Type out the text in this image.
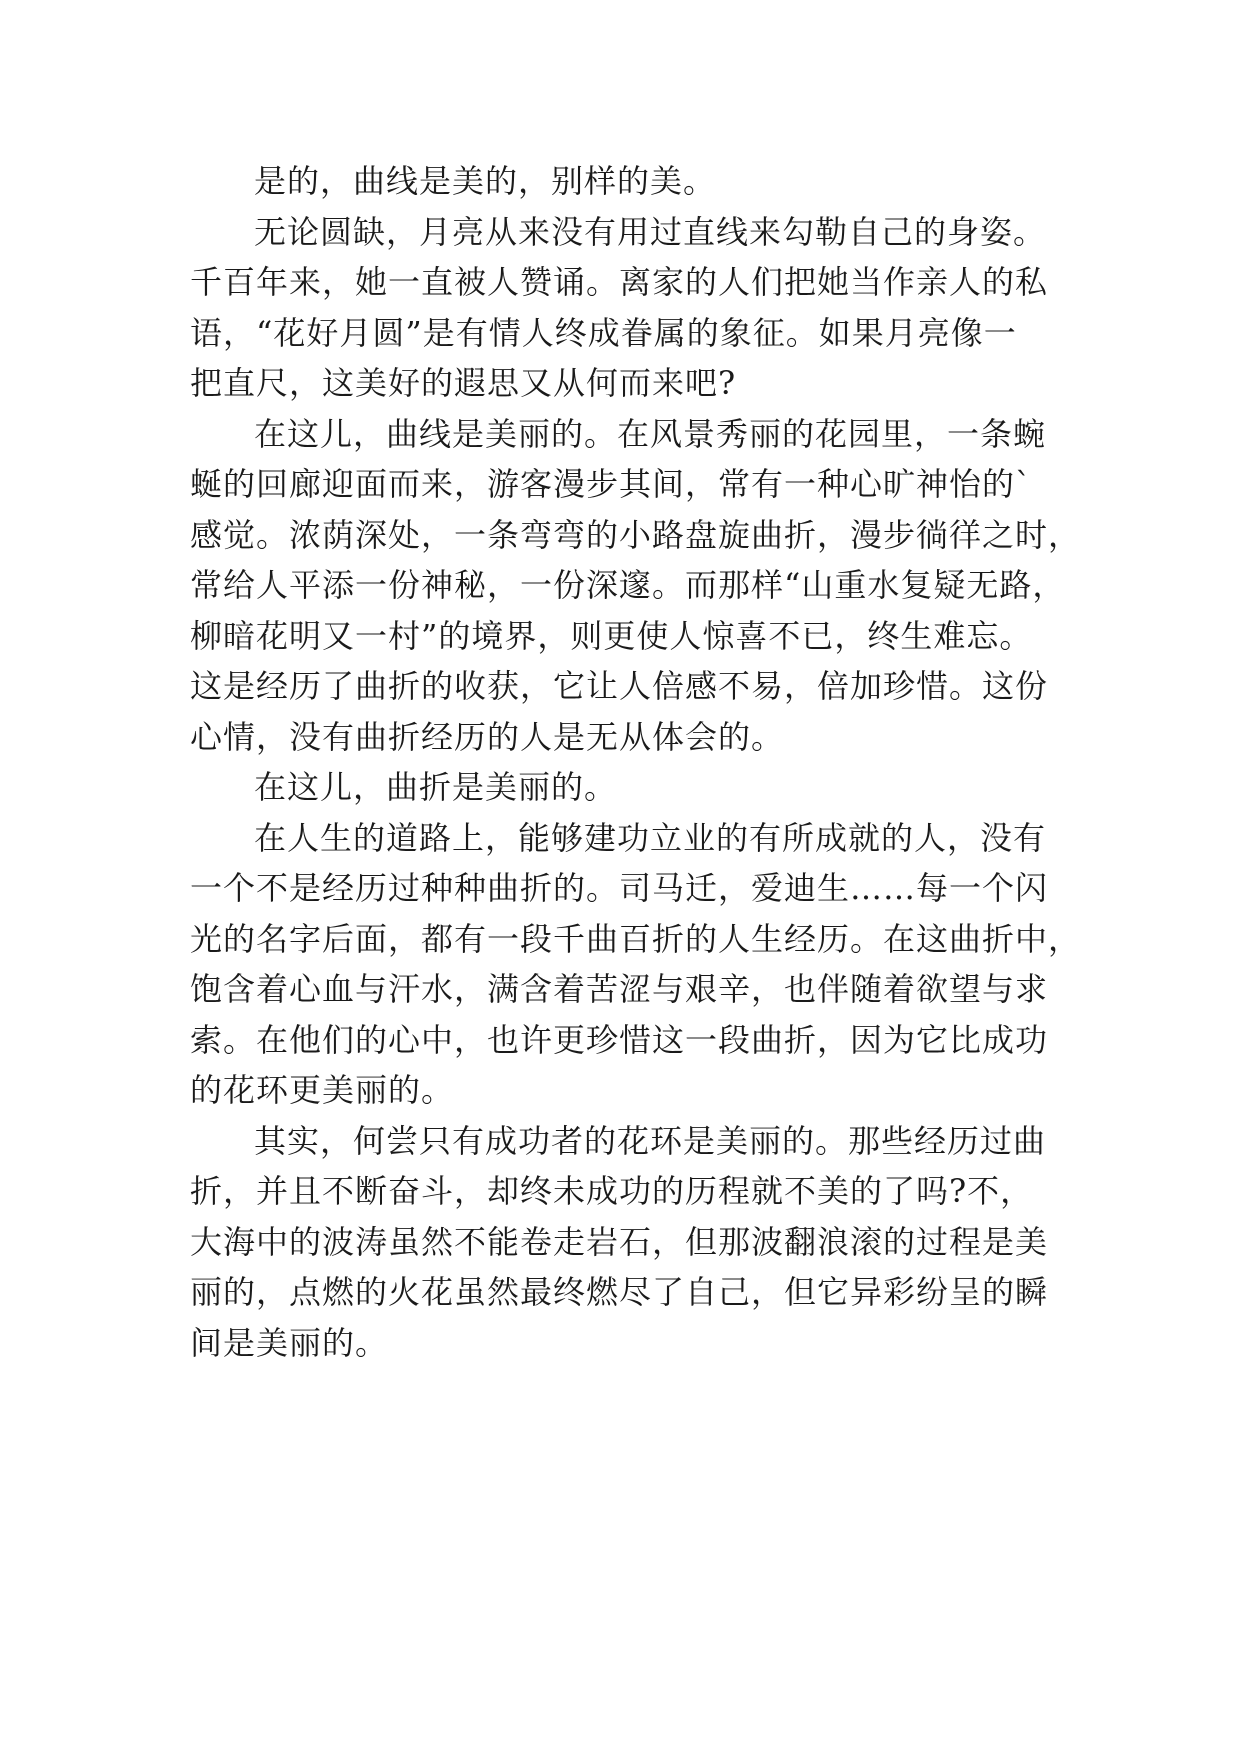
是的，曲线是美的，别样的美。
无论圆缺，月亮从来没有用过直线来勾勒自己的身姿。
千百年来，她一直被人赞诵。离家的人们把她当作亲人的私
语，“花好月圆”是有情人终成眷属的象征。如果月亮像一
把直尺，这美好的遐思又从何而来吧?
在这儿，曲线是美丽的。在风景秀丽的花园里，一条蜿
蜒的回廊迎面而来，游客漫步其间，常有一种心旷神怡的`
感觉。浓荫深处，一条弯弯的小路盘旋曲折，漫步徜徉之时，
常给人平添一份神秘，一份深邃。而那样“山重水复疑无路，
柳暗花明又一村”的境界，则更使人惊喜不已，终生难忘。
这是经历了曲折的收获，它让人倍感不易，倍加珍惜。这份
心情，没有曲折经历的人是无从体会的。
在这儿，曲折是美丽的。
在人生的道路上，能够建功立业的有所成就的人，没有
一个不是经历过种种曲折的。司马迁，爱迪生……每一个闪
光的名字后面，都有一段千曲百折的人生经历。在这曲折中，
饱含着心血与汗水，满含着苦涩与艰辛，也伴随着欲望与求
索。在他们的心中，也许更珍惜这一段曲折，因为它比成功
的花环更美丽的。
其实，何尝只有成功者的花环是美丽的。那些经历过曲
折，并且不断奋斗，却终未成功的历程就不美的了吗?不，
大海中的波涛虽然不能卷走岩石，但那波翻浪滚的过程是美
丽的，点燃的火花虽然最终燃尽了自己，但它异彩纷呈的瞬
间是美丽的。
